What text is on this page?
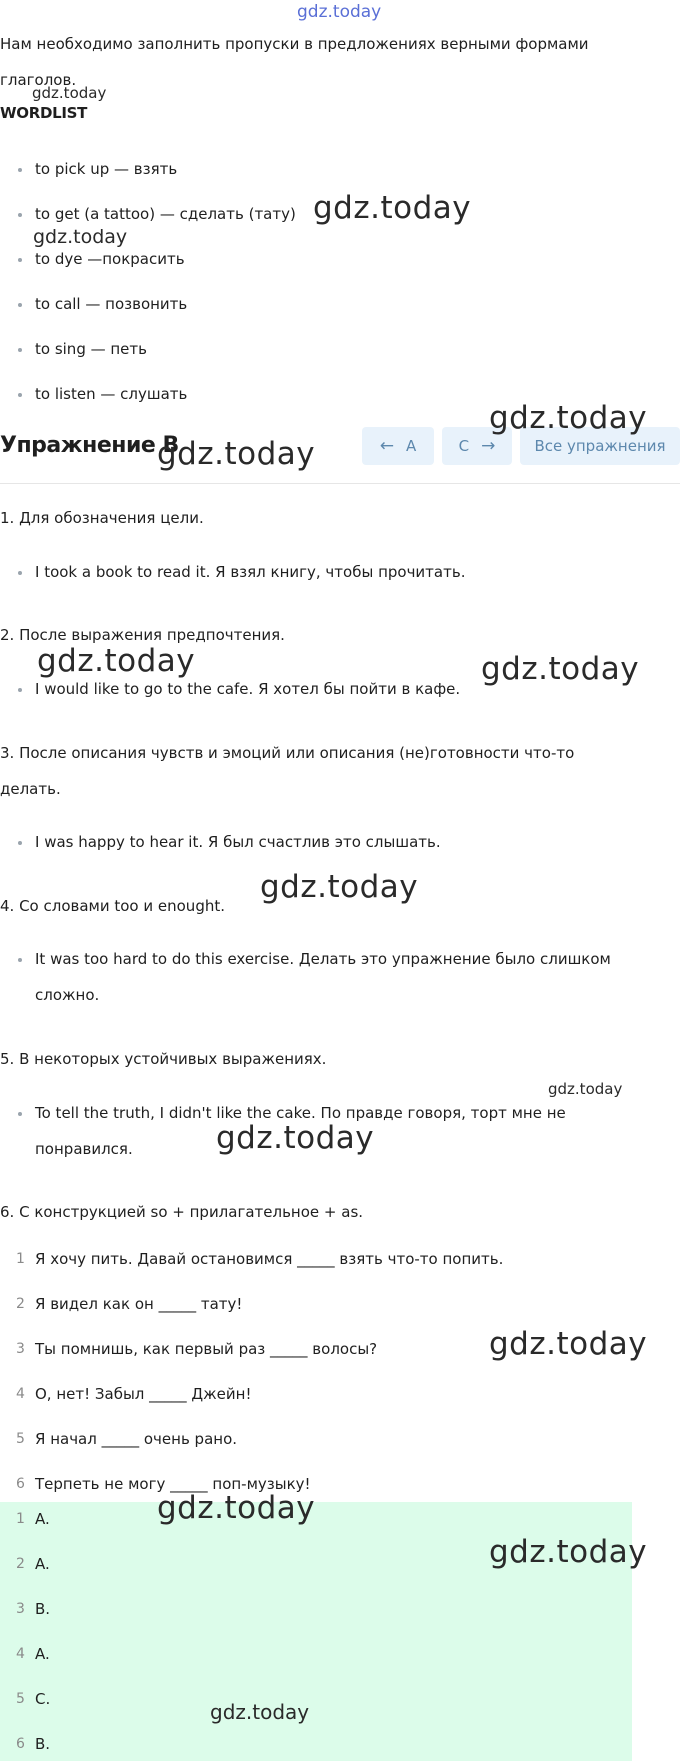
gdz.today
Нам необходимо заполнить пропуски в предложениях верными формами
глаголов.
gdz.today
WORDLIST
to pick up — взять
to get (a tattoo) — сделать (тату) gdz.today
gdz.today
to dye —покрасить
to call — позвонить
to sing — петь
to listen — слушать
Упражнение B
gdz.today	← A	C →	Все упражнения
gdz.today
1. Для обозначения цели.
I took a book to read it. Я взял книгу, чтобы прочитать.
2. После выражения предпочтения.
gdz.today
I would like to go to the cafe. Я хотел бы пойти в кафе.
gdz.today
3. После описания чувств и эмоций или описания (не)готовности что-то
делать.
I was happy to hear it. Я был счастлив это слышать.
4. Со словами too и enought.
gdz.today
It was too hard to do this exercise. Делать это упражнение было слишком
сложно.
5. В некоторых устойчивых выражениях.
gdz.today
To tell the truth, I didn't like the cake. По правде говоря, торт мне не
понравился.	gdz.today
6. С конструкцией so + прилагательное + as.
1 Я хочу пить. Давай остановимся _____ взять что-то попить.
2 Я видел как он _____ тату!
3 Ты помнишь, как первый раз _____ волосы?	gdz.today
4 О, нет! Забыл _____ Джейн!
5 Я начал _____ очень рано.
6 Терпеть не могу _____ поп-музыку!
1 A.	gdz.today
2 A.	gdz.today
3 B.
4 A.
5 C.
gdz.today
6 B.
